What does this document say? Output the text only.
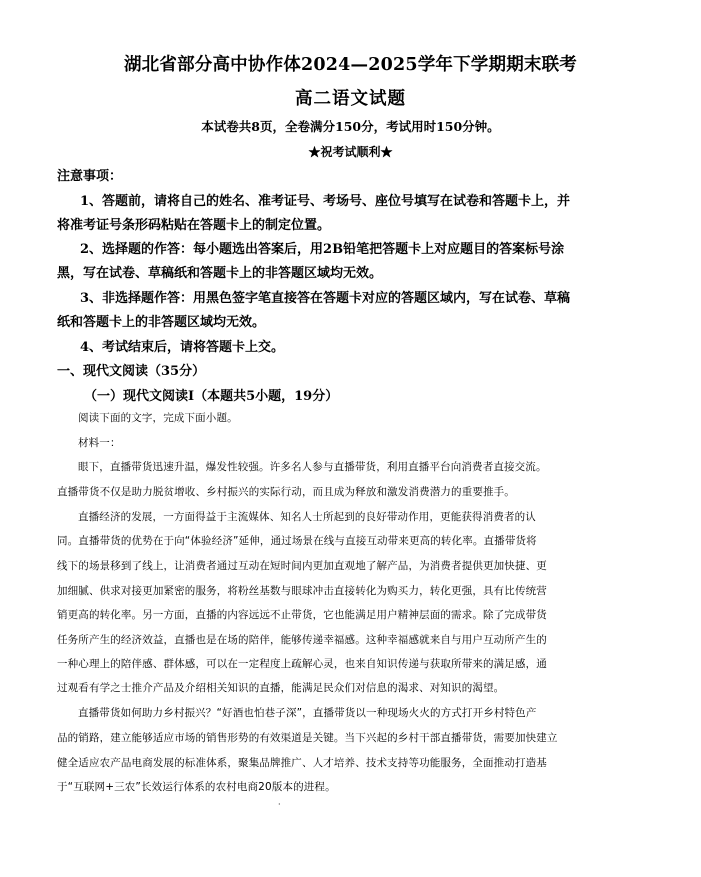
湖北省部分高中协作体2024—2025学年下学期期末联考
高二语文试题
本试卷共8页，全卷满分150分，考试用时150分钟。
★祝考试顺利★
注意事项：
1、答题前，请将自己的姓名、准考证号、考场号、座位号填写在试卷和答题卡上，并
将准考证号条形码粘贴在答题卡上的制定位置。
2、选择题的作答：每小题选出答案后，用2B铅笔把答题卡上对应题目的答案标号涂
黑，写在试卷、草稿纸和答题卡上的非答题区域均无效。
3、非选择题作答：用黑色签字笔直接答在答题卡对应的答题区域内，写在试卷、草稿
纸和答题卡上的非答题区域均无效。
4、考试结束后，请将答题卡上交。
一、现代文阅读（35分）
（一）现代文阅读Ⅰ（本题共5小题，19分）
阅读下面的文字，完成下面小题。
材料一：
眼下，直播带货迅速升温，爆发性较强。许多名人参与直播带货，利用直播平台向消费者直接交流。
直播带货不仅是助力脱贫增收、乡村振兴的实际行动，而且成为释放和激发消费潜力的重要推手。
直播经济的发展，一方面得益于主流媒体、知名人士所起到的良好带动作用，更能获得消费者的认
同。直播带货的优势在于向“体验经济”延伸，通过场景在线与直接互动带来更高的转化率。直播带货将
线下的场景移到了线上，让消费者通过互动在短时间内更加直观地了解产品，为消费者提供更加快捷、更
加细腻、供求对接更加紧密的服务，将粉丝基数与眼球冲击直接转化为购买力，转化更强，具有比传统营
销更高的转化率。另一方面，直播的内容远远不止带货，它也能满足用户精神层面的需求。除了完成带货
任务所产生的经济效益，直播也是在场的陪伴，能够传递幸福感。这种幸福感就来自与用户互动所产生的
一种心理上的陪伴感、群体感，可以在一定程度上疏解心灵，也来自知识传递与获取所带来的满足感，通
过观看有学之士推介产品及介绍相关知识的直播，能满足民众们对信息的渴求、对知识的渴望。
直播带货如何助力乡村振兴？“好酒也怕巷子深”，直播带货以一种现场火火的方式打开乡村特色产
品的销路，建立能够适应市场的销售形势的有效渠道是关键。当下兴起的乡村干部直播带货，需要加快建立
健全适应农产品电商发展的标准体系，聚集品牌推广、人才培养、技术支持等功能服务，全面推动打造基
于“互联网+三农”长效运行体系的农村电商20版本的进程。
·
